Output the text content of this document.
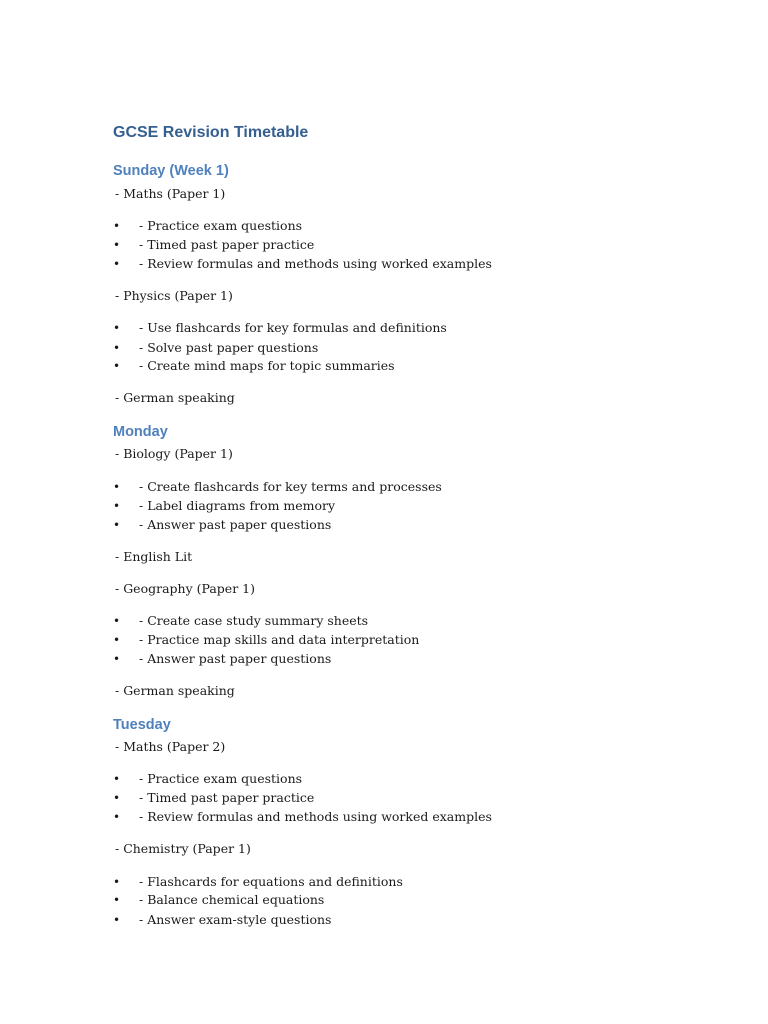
GCSE Revision Timetable
Sunday (Week 1)
- Maths (Paper 1)
• - Practice exam questions
• - Timed past paper practice
• - Review formulas and methods using worked examples
- Physics (Paper 1)
• - Use flashcards for key formulas and definitions
• - Solve past paper questions
• - Create mind maps for topic summaries
- German speaking
Monday
- Biology (Paper 1)
• - Create flashcards for key terms and processes
• - Label diagrams from memory
• - Answer past paper questions
- English Lit
- Geography (Paper 1)
• - Create case study summary sheets
• - Practice map skills and data interpretation
• - Answer past paper questions
- German speaking
Tuesday
- Maths (Paper 2)
• - Practice exam questions
• - Timed past paper practice
• - Review formulas and methods using worked examples
- Chemistry (Paper 1)
• - Flashcards for equations and definitions
• - Balance chemical equations
• - Answer exam-style questions
